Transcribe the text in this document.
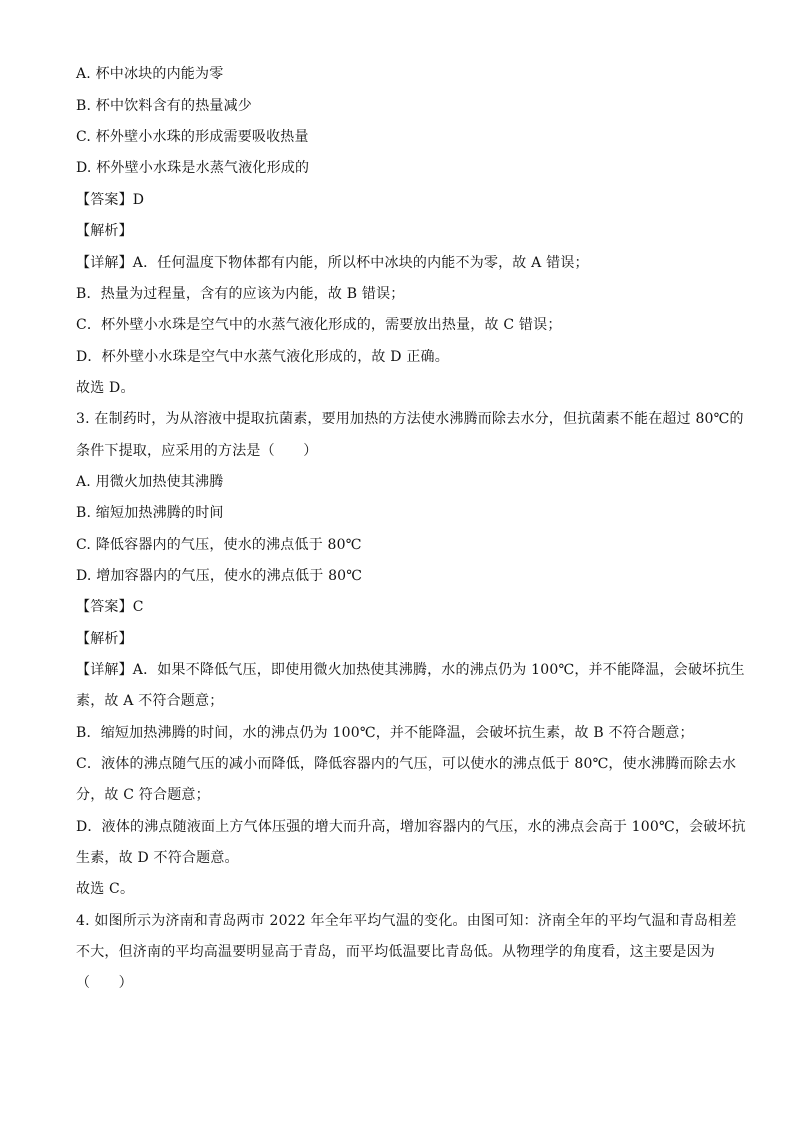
A. 杯中冰块的内能为零
B. 杯中饮料含有的热量减少
C. 杯外壁小水珠的形成需要吸收热量
D. 杯外壁小水珠是水蒸气液化形成的
【答案】D
【解析】
【详解】A．任何温度下物体都有内能，所以杯中冰块的内能不为零，故 A 错误；
B．热量为过程量，含有的应该为内能，故 B 错误；
C．杯外壁小水珠是空气中的水蒸气液化形成的，需要放出热量，故 C 错误；
D．杯外壁小水珠是空气中水蒸气液化形成的，故 D 正确。
故选 D。
3. 在制药时，为从溶液中提取抗菌素，要用加热的方法使水沸腾而除去水分，但抗菌素不能在超过 80℃的
条件下提取，应采用的方法是（　　）
A. 用微火加热使其沸腾
B. 缩短加热沸腾的时间
C. 降低容器内的气压，使水的沸点低于 80℃
D. 增加容器内的气压，使水的沸点低于 80℃
【答案】C
【解析】
【详解】A．如果不降低气压，即使用微火加热使其沸腾，水的沸点仍为 100℃，并不能降温，会破坏抗生
素，故 A 不符合题意；
B．缩短加热沸腾的时间，水的沸点仍为 100℃，并不能降温，会破坏抗生素，故 B 不符合题意；
C．液体的沸点随气压的减小而降低，降低容器内的气压，可以使水的沸点低于 80℃，使水沸腾而除去水
分，故 C 符合题意；
D．液体的沸点随液面上方气体压强的增大而升高，增加容器内的气压，水的沸点会高于 100℃，会破坏抗
生素，故 D 不符合题意。
故选 C。
4. 如图所示为济南和青岛两市 2022 年全年平均气温的变化。由图可知：济南全年的平均气温和青岛相差
不大，但济南的平均高温要明显高于青岛，而平均低温要比青岛低。从物理学的角度看，这主要是因为
（　　）
